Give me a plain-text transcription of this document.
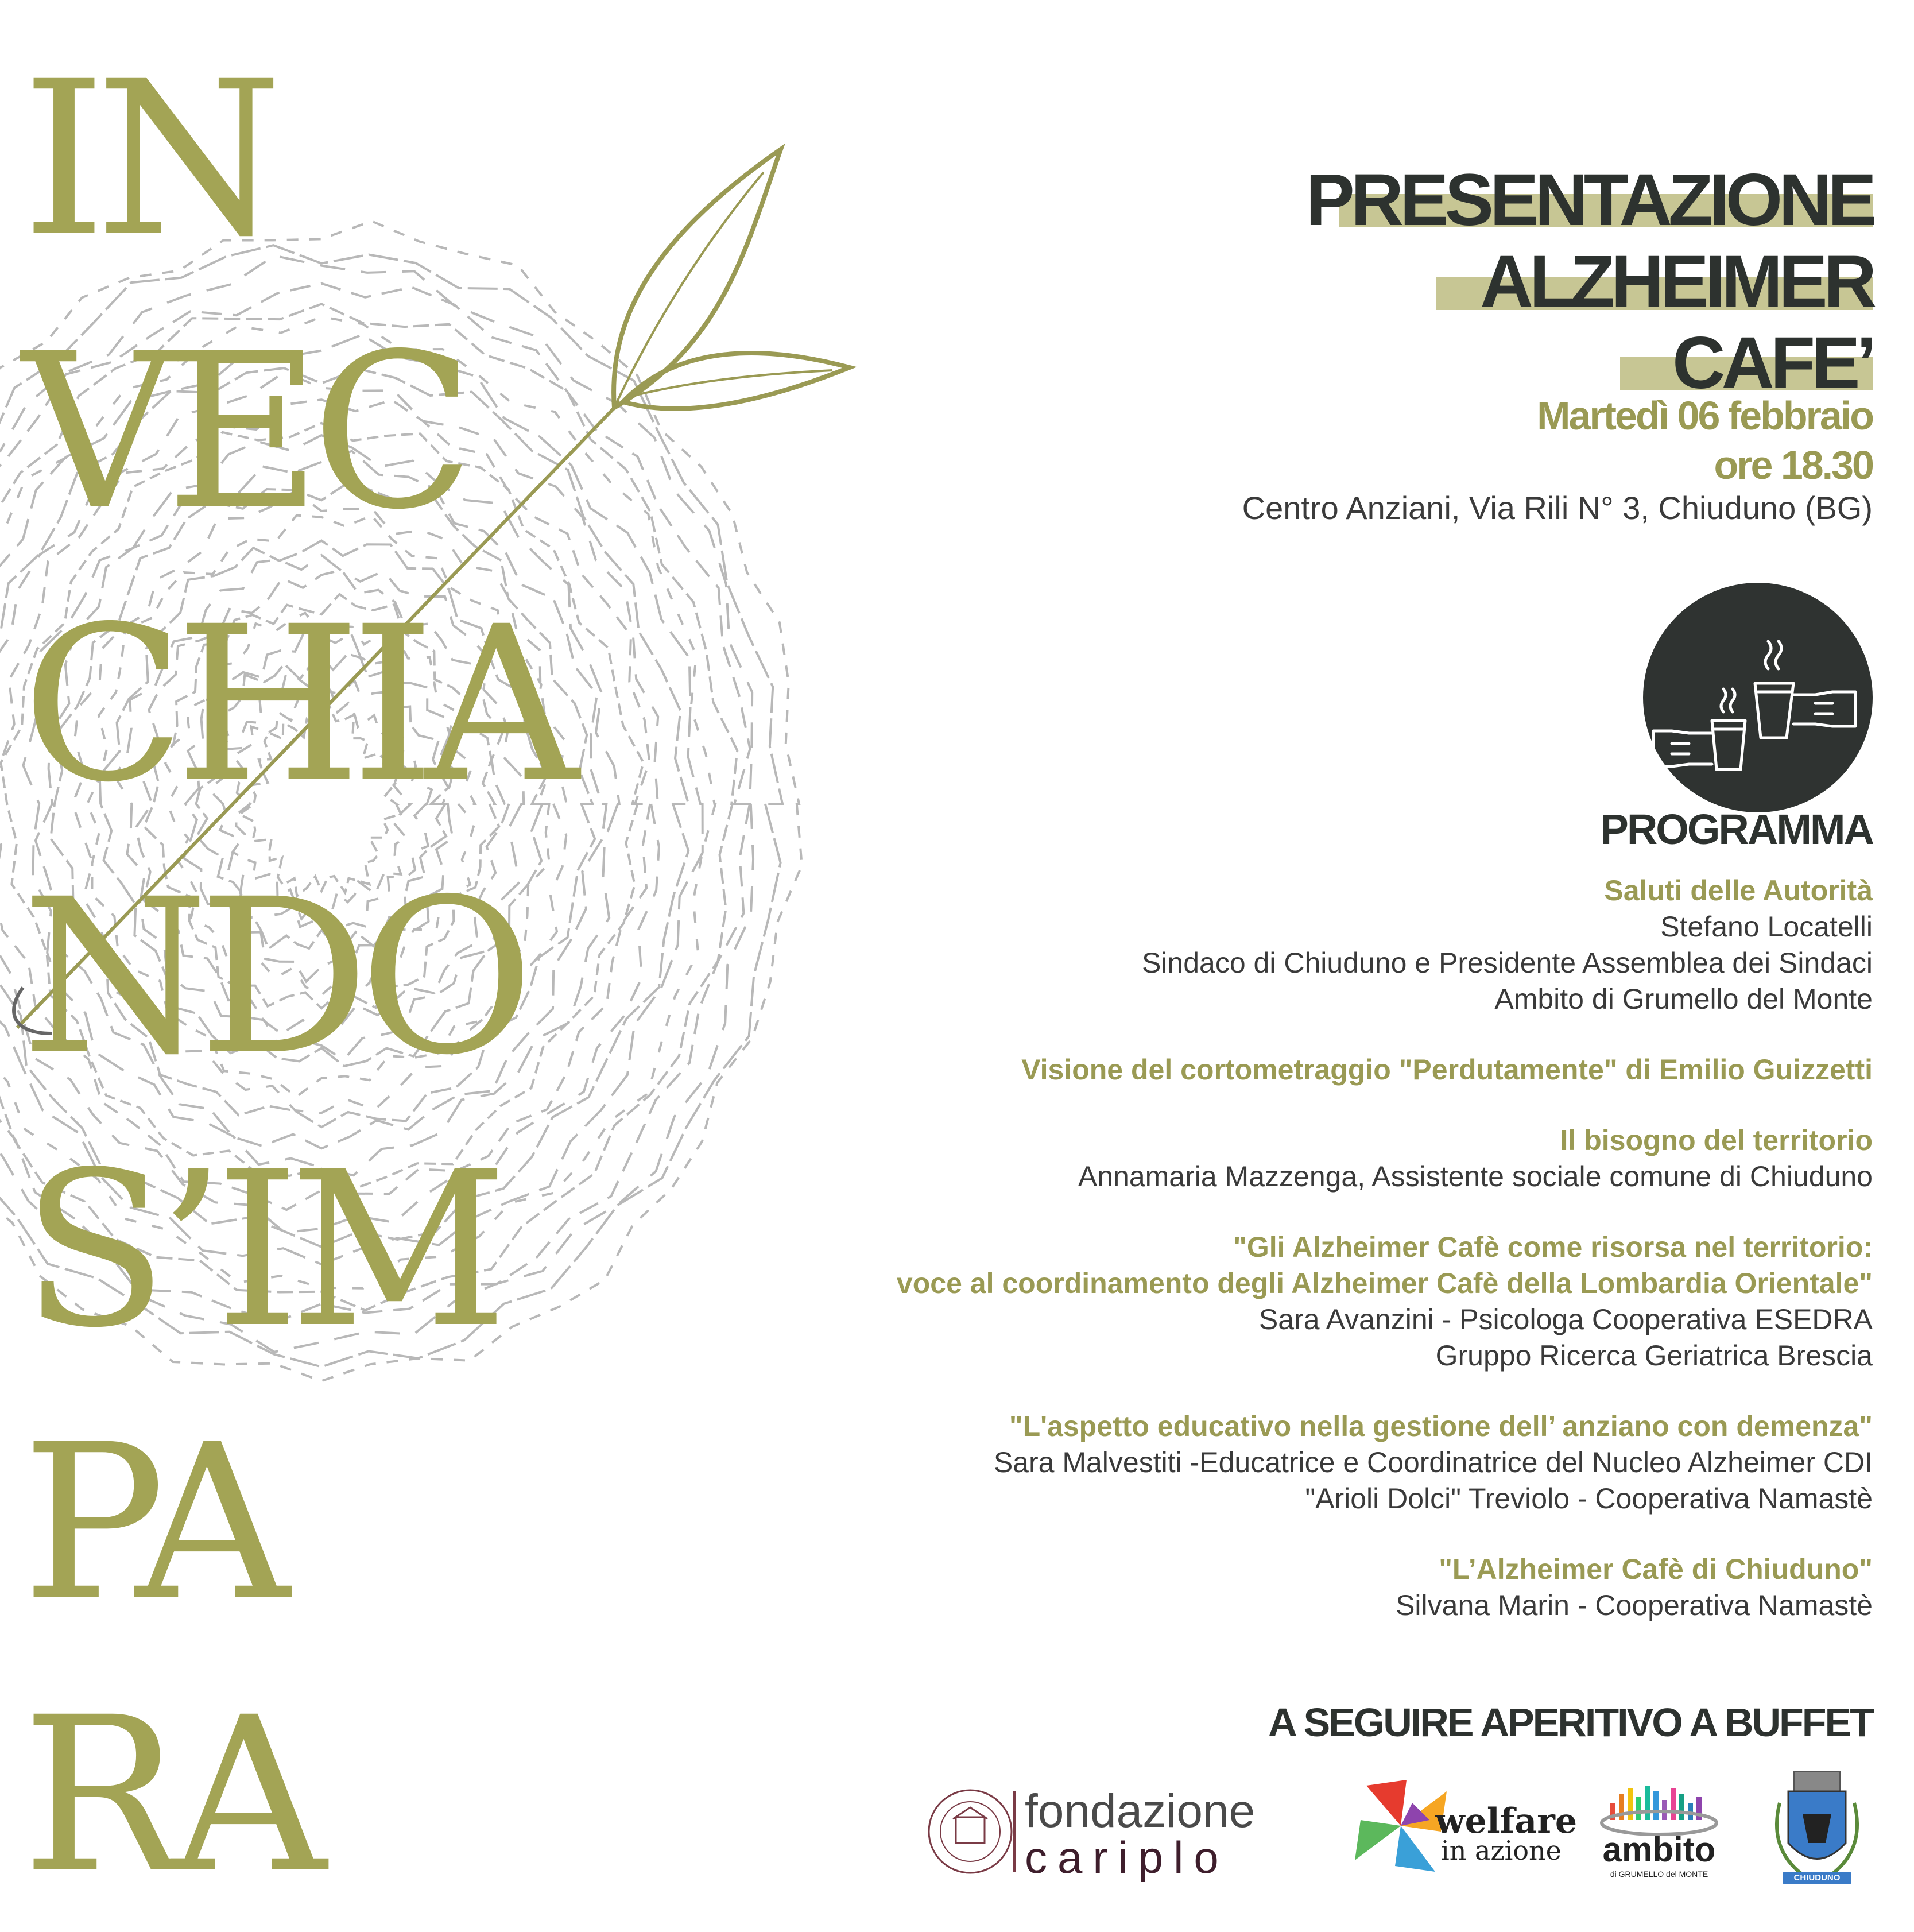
IN
VEC
CHIA
NDO
S’IM
PA
RA
PRESENTAZIONE
ALZHEIMER
CAFE’
Martedì 06 febbraio
ore 18.30
Centro Anziani, Via Rili N° 3, Chiuduno (BG)
PROGRAMMA
Saluti delle Autorità
Stefano Locatelli
Sindaco di Chiuduno e Presidente Assemblea dei Sindaci
Ambito di Grumello del Monte
Visione del cortometraggio "Perdutamente" di Emilio Guizzetti
Il bisogno del territorio
Annamaria Mazzenga, Assistente sociale comune di Chiuduno
"Gli Alzheimer Cafè come risorsa nel territorio:
voce al coordinamento degli Alzheimer Cafè della Lombardia Orientale"
Sara Avanzini - Psicologa Cooperativa ESEDRA
Gruppo Ricerca Geriatrica Brescia
"L'aspetto educativo nella gestione dell’ anziano con demenza"
Sara Malvestiti -Educatrice e Coordinatrice del Nucleo Alzheimer CDI
"Arioli Dolci" Treviolo - Cooperativa Namastè
"L’Alzheimer Cafè di Chiuduno"
Silvana Marin - Cooperativa Namastè
A SEGUIRE APERITIVO A BUFFET
fondazione
cariplo
welfare
in azione ambito
di GRUMELLO del MONTE	CHIUDUNO
